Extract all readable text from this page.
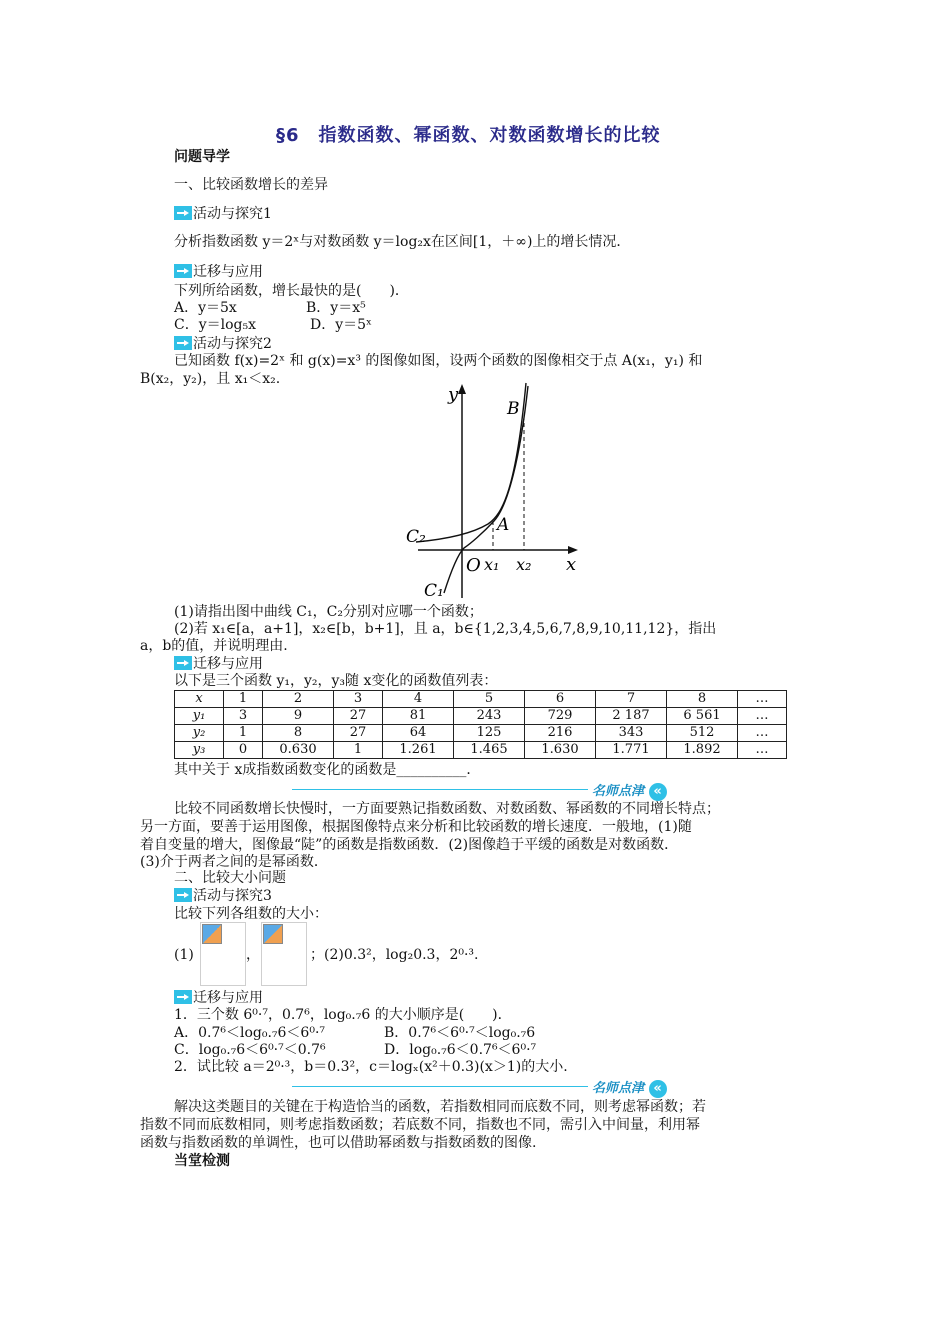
§6　指数函数、幂函数、对数函数增长的比较
问题导学
一、比较函数增长的差异
活动与探究1
分析指数函数 y＝2ˣ与对数函数 y＝log₂x在区间[1，＋∞)上的增长情况．
迁移与应用
下列所给函数，增长最快的是(　　)．
A．y＝5x	B．y＝x⁵
C．y＝log₅x	D．y＝5ˣ
活动与探究2
已知函数 f(x)=2ˣ 和 g(x)=x³ 的图像如图，设两个函数的图像相交于点 A(x₁，y₁) 和
B(x₂，y₂)，且 x₁＜x₂.
y
x
O
A
B
x₁ x₂
C₂
C₁
(1)请指出图中曲线 C₁，C₂分别对应哪一个函数；
(2)若 x₁∈[a，a+1]，x₂∈[b，b+1]，且 a，b∈{1,2,3,4,5,6,7,8,9,10,11,12}，指出
a，b的值，并说明理由.
迁移与应用
以下是三个函数 y₁，y₂，y₃随 x变化的函数值列表：
x	1	2	3	4	5	6	7	8	…
y₁	3	9	27	81	243	729	2 187	6 561	…
y₂	1	8	27	64	125	216	343	512	…
y₃	0	0.630	1	1.261	1.465	1.630	1.771	1.892	…
其中关于 x成指数函数变化的函数是__________．
名师点津 «
比较不同函数增长快慢时，一方面要熟记指数函数、对数函数、幂函数的不同增长特点；
另一方面，要善于运用图像，根据图像特点来分析和比较函数的增长速度．一般地，(1)随
着自变量的增大，图像最“陡”的函数是指数函数．(2)图像趋于平缓的函数是对数函数．
(3)介于两者之间的是幂函数．
二、比较大小问题
活动与探究3
比较下列各组数的大小：
(1)	，	；(2)0.3²，log₂0.3，2⁰·³.
迁移与应用
1．三个数 6⁰·⁷，0.7⁶，log₀.₇6 的大小顺序是(　　)．
A．0.7⁶＜log₀.₇6＜6⁰·⁷	B．0.7⁶＜6⁰·⁷＜log₀.₇6
C．log₀.₇6＜6⁰·⁷＜0.7⁶	D．log₀.₇6＜0.7⁶＜6⁰·⁷
2．试比较 a＝2⁰·³，b＝0.3²，c＝logₓ(x²＋0.3)(x＞1)的大小.
名师点津 «
解决这类题目的关键在于构造恰当的函数，若指数相同而底数不同，则考虑幂函数；若
指数不同而底数相同，则考虑指数函数；若底数不同，指数也不同，需引入中间量，利用幂
函数与指数函数的单调性，也可以借助幂函数与指数函数的图像.
当堂检测
